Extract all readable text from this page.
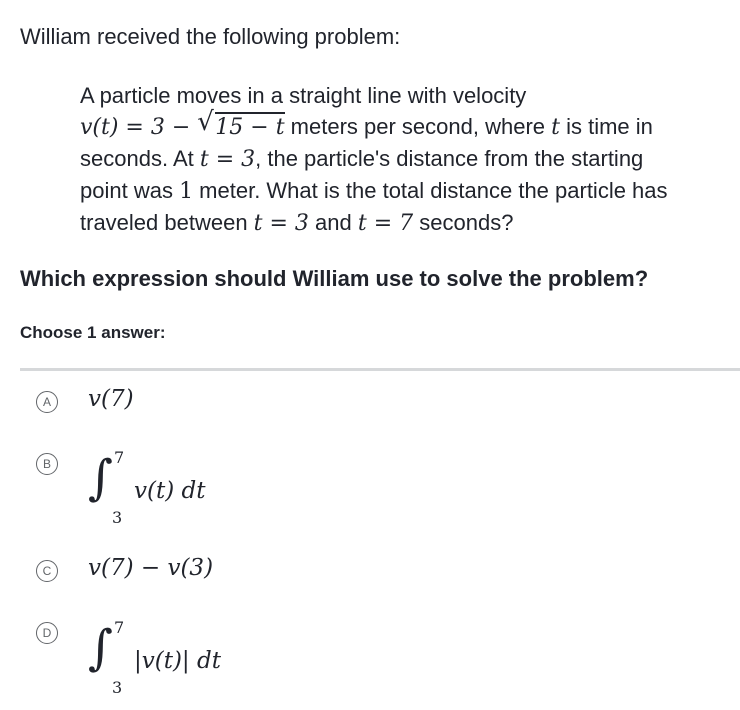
William received the following problem:
A particle moves in a straight line with velocity
v(t) = 3 − √ 15 − t meters per second, where t is time in
seconds. At t = 3, the particle's distance from the starting
point was 1 meter. What is the total distance the particle has
traveled between t = 3 and t = 7 seconds?
Which expression should William use to solve the problem?
Choose 1 answer:
A	v(7)
B ∫ 7
3
v(t) dt
C v(7) − v(3)
D ∫ 7
3
|v(t)| dt
